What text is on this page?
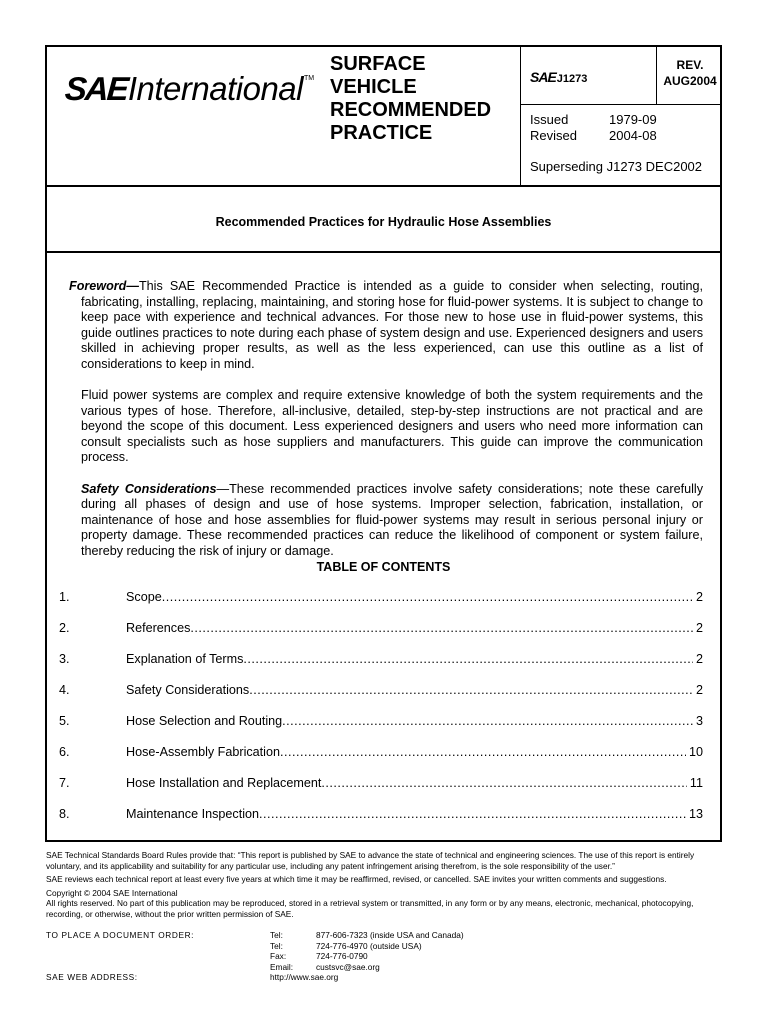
SAE International TM
SURFACE
VEHICLE
RECOMMENDED
PRACTICE
SAE J1273
REV.
AUG2004
Issued	1979-09
Revised 2004-08
Superseding J1273 DEC2002
Recommended Practices for Hydraulic Hose Assemblies

Foreword—This SAE Recommended Practice is intended as a guide to consider when selecting, routing, fabricating, installing, replacing, maintaining, and storing hose for fluid-power systems. It is subject to change to keep pace with experience and technical advances. For those new to hose use in fluid-power systems, this guide outlines practices to note during each phase of system design and use. Experienced designers and users skilled in achieving proper results, as well as the less experienced, can use this outline as a list of considerations to keep in mind.

Fluid power systems are complex and require extensive knowledge of both the system requirements and the various types of hose. Therefore, all-inclusive, detailed, step-by-step instructions are not practical and are beyond the scope of this document. Less experienced designers and users who need more information can consult specialists such as hose suppliers and manufacturers. This guide can improve the communication process.

Safety Considerations—These recommended practices involve safety considerations; note these carefully during all phases of design and use of hose systems. Improper selection, fabrication, installation, or maintenance of hose and hose assemblies for fluid-power systems may result in serious personal injury or property damage. These recommended practices can reduce the likelihood of component or system failure, thereby reducing the risk of injury or damage.

TABLE OF CONTENTS
1.	Scope .....	2
2.	References .....	2
3.	Explanation of Terms .....	2
4.	Safety Considerations .....	2
5.	Hose Selection and Routing .....	3
6.	Hose-Assembly Fabrication .....	10
7.	Hose Installation and Replacement .....	11
8.	Maintenance Inspection .....	13

SAE Technical Standards Board Rules provide that: “This report is published by SAE to advance the state of technical and engineering sciences. The use of this report is entirely voluntary, and its applicability and suitability for any particular use, including any patent infringement arising therefrom, is the sole responsibility of the user.”

SAE reviews each technical report at least every five years at which time it may be reaffirmed, revised, or cancelled. SAE invites your written comments and suggestions.

Copyright © 2004 SAE International
All rights reserved. No part of this publication may be reproduced, stored in a retrieval system or transmitted, in any form or by any means, electronic, mechanical, photocopying, recording, or otherwise, without the prior written permission of SAE.
TO PLACE A DOCUMENT ORDER:	Tel:	877-606-7323 (inside USA and Canada)
Tel:	724-776-4970 (outside USA)
Fax:	724-776-0790
Email:	custsvc@sae.org
SAE WEB ADDRESS:	http://www.sae.org
